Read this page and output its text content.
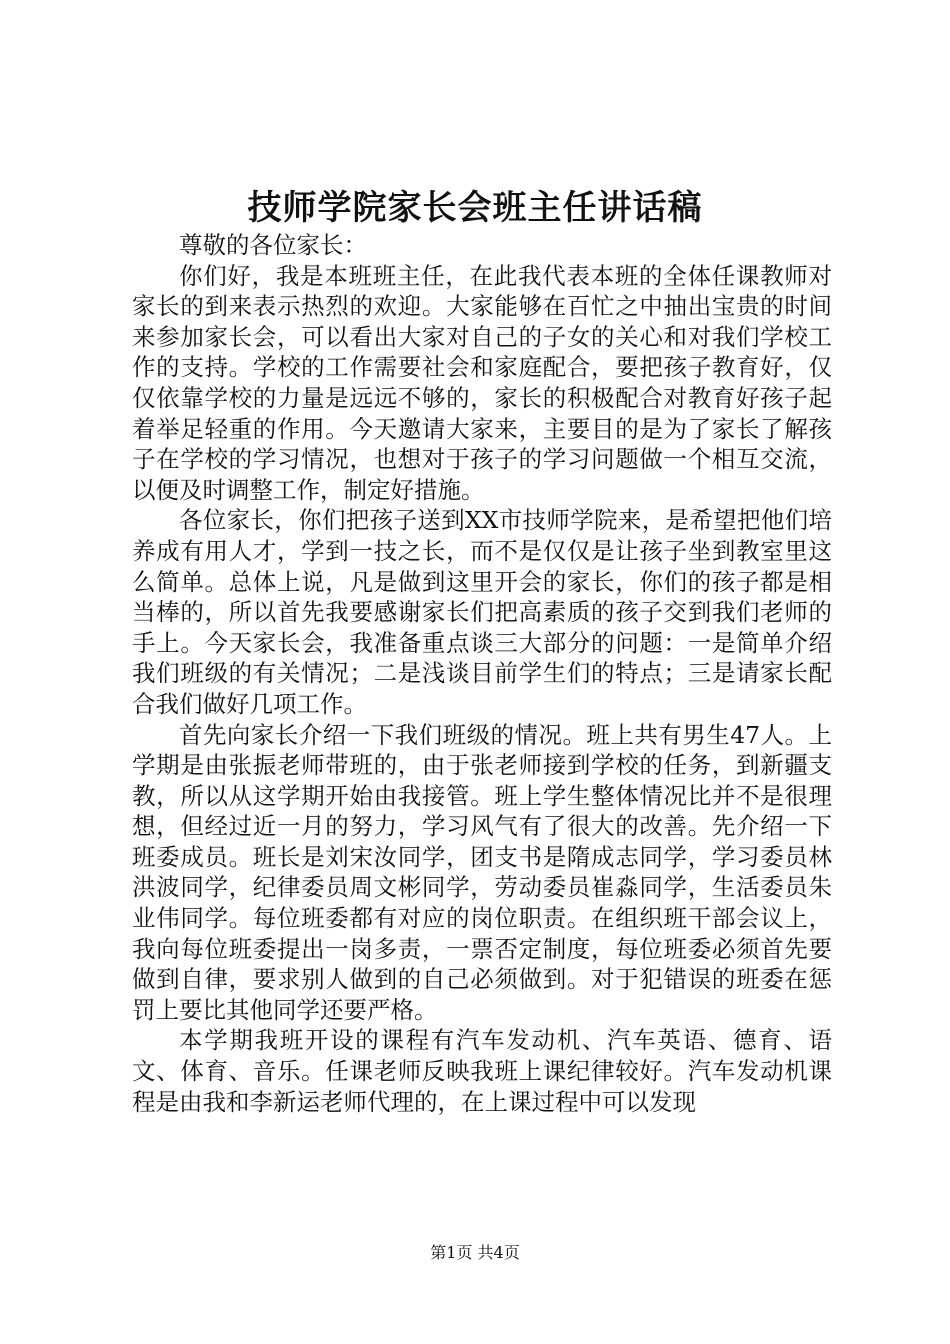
技师学院家长会班主任讲话稿

尊敬的各位家长：

你们好，我是本班班主任，在此我代表本班的全体任课教师对家长的到来表示热烈的欢迎。大家能够在百忙之中抽出宝贵的时间来参加家长会，可以看出大家对自己的子女的关心和对我们学校工作的支持。学校的工作需要社会和家庭配合，要把孩子教育好，仅仅依靠学校的力量是远远不够的，家长的积极配合对教育好孩子起着举足轻重的作用。今天邀请大家来，主要目的是为了家长了解孩子在学校的学习情况，也想对于孩子的学习问题做一个相互交流，以便及时调整工作，制定好措施。

各位家长，你们把孩子送到XX市技师学院来，是希望把他们培养成有用人才，学到一技之长，而不是仅仅是让孩子坐到教室里这么简单。总体上说，凡是做到这里开会的家长，你们的孩子都是相当棒的，所以首先我要感谢家长们把高素质的孩子交到我们老师的手上。今天家长会，我准备重点谈三大部分的问题：一是简单介绍我们班级的有关情况；二是浅谈目前学生们的特点；三是请家长配合我们做好几项工作。

首先向家长介绍一下我们班级的情况。班上共有男生47人。上学期是由张振老师带班的，由于张老师接到学校的任务，到新疆支教，所以从这学期开始由我接管。班上学生整体情况比并不是很理想，但经过近一月的努力，学习风气有了很大的改善。先介绍一下班委成员。班长是刘宋汝同学，团支书是隋成志同学，学习委员林洪波同学，纪律委员周文彬同学，劳动委员崔淼同学，生活委员朱业伟同学。每位班委都有对应的岗位职责。在组织班干部会议上，我向每位班委提出一岗多责，一票否定制度，每位班委必须首先要做到自律，要求别人做到的自己必须做到。对于犯错误的班委在惩罚上要比其他同学还要严格。

本学期我班开设的课程有汽车发动机、汽车英语、德育、语文、体育、音乐。任课老师反映我班上课纪律较好。汽车发动机课程是由我和李新运老师代理的，在上课过程中可以发现

第1页 共4页
